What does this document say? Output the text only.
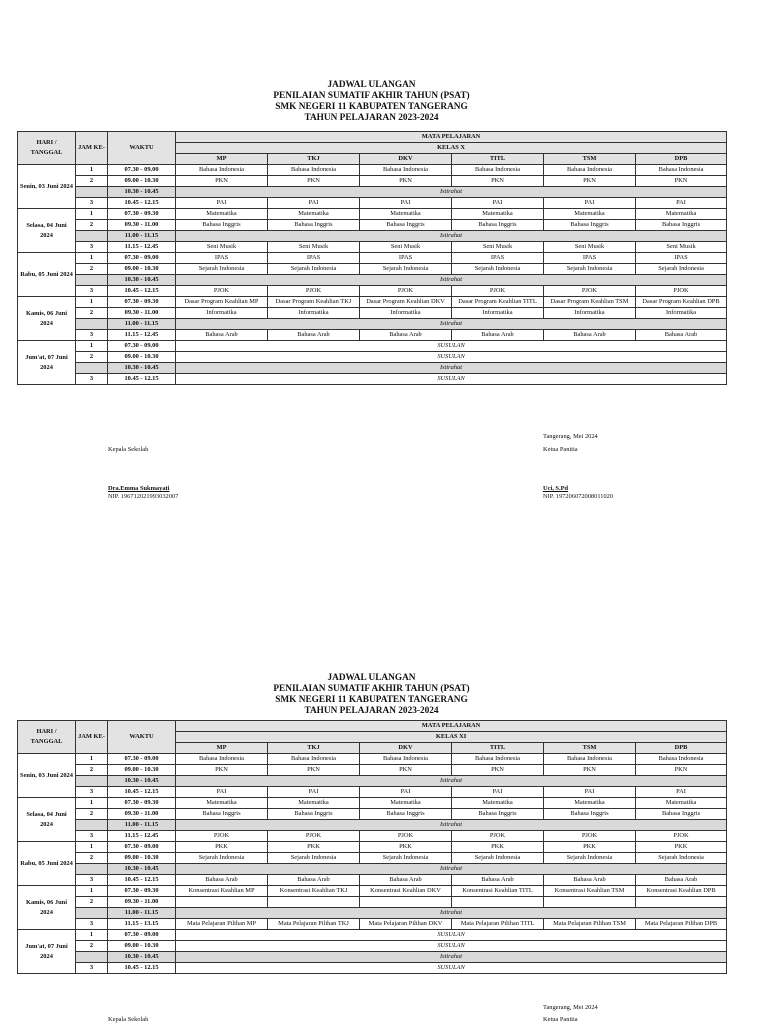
JADWAL ULANGAN
PENILAIAN SUMATIF AKHIR TAHUN (PSAT)
SMK NEGERI 11 KABUPATEN TANGERANG
TAHUN PELAJARAN 2023-2024
HARI / TANGGAL	JAM KE-	WAKTU	MATA PELAJARAN					
			KELAS X					
			MP	TKJ	DKV	TITL	TSM	DPB
Senin, 03 Juni 2024	1	07.30 - 09.00	Bahasa Indonesia	Bahasa Indonesia	Bahasa Indonesia	Bahasa Indonesia	Bahasa Indonesia	Bahasa Indonesia
	2	09.00 - 10.30	PKN	PKN	PKN	PKN	PKN	PKN
		10.30 - 10.45	Istirahat					
	3	10.45 - 12.15	PAI	PAI	PAI	PAI	PAI	PAI
Selasa, 04 Juni 2024	1	07.30 - 09.30	Matematika	Matematika	Matematika	Matematika	Matematika	Matematika
	2	09.30 - 11.00	Bahasa Inggris	Bahasa Inggris	Bahasa Inggris	Bahasa Inggris	Bahasa Inggris	Bahasa Inggris
		11.00 - 11.15	Istirahat					
	3	11.15 - 12.45	Seni Musik	Seni Musik	Seni Musik	Seni Musik	Seni Musik	Seni Musik
Rabu, 05 Juni 2024	1	07.30 - 09.00	IPAS	IPAS	IPAS	IPAS	IPAS	IPAS
	2	09.00 - 10.30	Sejarah Indonesia	Sejarah Indonesia	Sejarah Indonesia	Sejarah Indonesia	Sejarah Indonesia	Sejarah Indonesia
		10.30 - 10.45	Istirahat					
	3	10.45 - 12.15	PJOK	PJOK	PJOK	PJOK	PJOK	PJOK
Kamis, 06 Juni 2024	1	07.30 - 09.30	Dasar Program Keahlian MP	Dasar Program Keahlian TKJ	Dasar Program Keahlian DKV	Dasar Program Keahlian TITL	Dasar Program Keahlian TSM	Dasar Program Keahlian DPB
	2	09.30 - 11.00	Informatika	Informatika	Informatika	Informatika	Informatika	Informatika
		11.00 - 11.15	Istirahat					
	3	11.15 - 12.45	Bahasa Arab	Bahasa Arab	Bahasa Arab	Bahasa Arab	Bahasa Arab	Bahasa Arab
Jum'at, 07 Juni 2024	1	07.30 - 09.00	SUSULAN					
	2	09.00 - 10.30	SUSULAN					
		10.30 - 10.45	Istirahat					
	3	10.45 - 12.15	SUSULAN					
Tangerang, Mei 2024
Kepala Sekolah	Ketua Panitia
Dra.Emma Sukmayati
NIP. 196712021993032007
Uci, S.Pd
NIP. 197206072008011020
JADWAL ULANGAN
PENILAIAN SUMATIF AKHIR TAHUN (PSAT)
SMK NEGERI 11 KABUPATEN TANGERANG
TAHUN PELAJARAN 2023-2024
HARI / TANGGAL	JAM KE-	WAKTU	MATA PELAJARAN					
			KELAS XI					
			MP	TKJ	DKV	TITL	TSM	DPB
Senin, 03 Juni 2024	1	07.30 - 09.00	Bahasa Indonesia	Bahasa Indonesia	Bahasa Indonesia	Bahasa Indonesia	Bahasa Indonesia	Bahasa Indonesia
	2	09.00 - 10.30	PKN	PKN	PKN	PKN	PKN	PKN
		10.30 - 10.45	Istirahat					
	3	10.45 - 12.15	PAI	PAI	PAI	PAI	PAI	PAI
Selasa, 04 Juni 2024	1	07.30 - 09.30	Matematika	Matematika	Matematika	Matematika	Matematika	Matematika
	2	09.30 - 11.00	Bahasa Inggris	Bahasa Inggris	Bahasa Inggris	Bahasa Inggris	Bahasa Inggris	Bahasa Inggris
		11.00 - 11.15	Istirahat					
	3	11.15 - 12.45	PJOK	PJOK	PJOK	PJOK	PJOK	PJOK
Rabu, 05 Juni 2024	1	07.30 - 09.00	PKK	PKK	PKK	PKK	PKK	PKK
	2	09.00 - 10.30	Sejarah Indonesia	Sejarah Indonesia	Sejarah Indonesia	Sejarah Indonesia	Sejarah Indonesia	Sejarah Indonesia
		10.30 - 10.45	Istirahat					
	3	10.45 - 12.15	Bahasa Arab	Bahasa Arab	Bahasa Arab	Bahasa Arab	Bahasa Arab	Bahasa Arab
Kamis, 06 Juni 2024	1	07.30 - 09.30	Konsentrasi Keahlian MP	Konsentrasi Keahlian TKJ	Konsentrasi Keahlian DKV	Konsentrasi Keahlian TITL	Konsentrasi Keahlian TSM	Konsentrasi Keahlian DPB
	2	09.30 - 11.00						
		11.00 - 11.15	Istirahat					
	3	11.15 - 13.15	Mata Pelajaran Pilihan MP	Mata Pelajaran Pilihan TKJ	Mata Pelajaran Pilihan DKV	Mata Pelajaran Pilihan TITL	Mata Pelajaran Pilihan TSM	Mata Pelajaran Pilihan DPB
Jum'at, 07 Juni 2024	1	07.30 - 09.00	SUSULAN					
	2	09.00 - 10.30	SUSULAN					
		10.30 - 10.45	Istirahat					
	3	10.45 - 12.15	SUSULAN					
Tangerang, Mei 2024
Kepala Sekolah	Ketua Panitia
